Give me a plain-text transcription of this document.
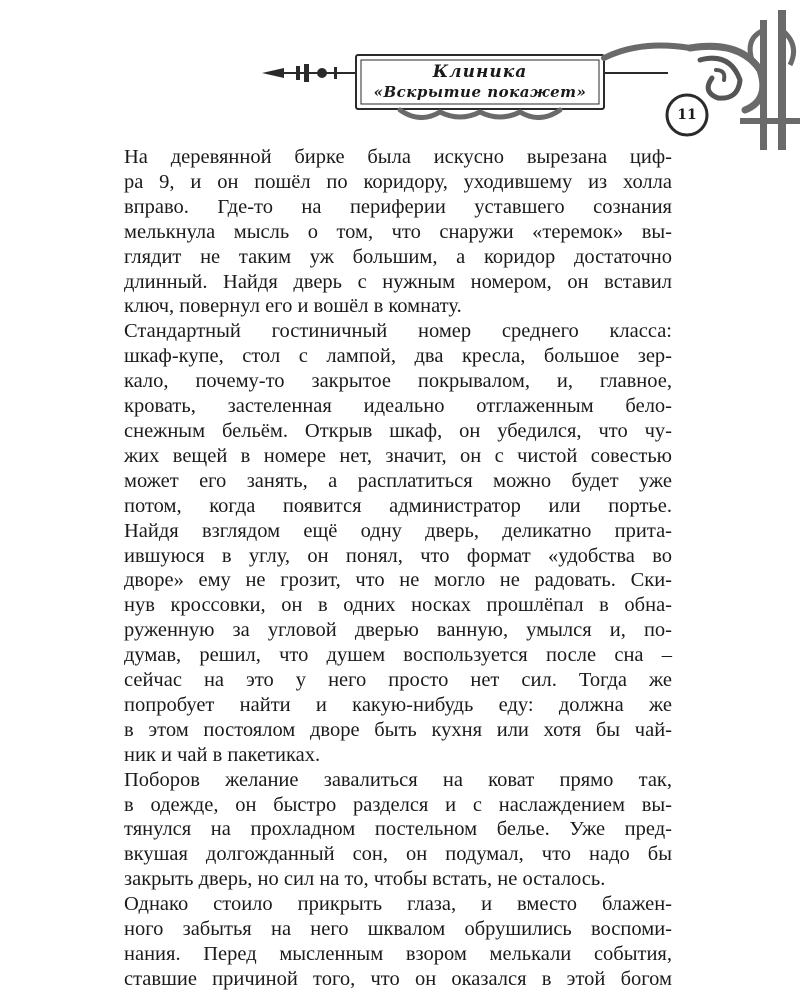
Клиника
«Вскрытие покажет»
11

На деревянной бирке была искусно вырезана циф-
ра 9, и он пошёл по коридору, уходившему из холла
вправо. Где-то на периферии уставшего сознания
мелькнула мысль о том, что снаружи «теремок» вы-
глядит не таким уж большим, а коридор достаточно
длинный. Найдя дверь с нужным номером, он вставил
ключ, повернул его и вошёл в комнату.

Стандартный гостиничный номер среднего класса:
шкаф-купе, стол с лампой, два кресла, большое зер-
кало, почему-то закрытое покрывалом, и, главное,
кровать, застеленная идеально отглаженным бело-
снежным бельём. Открыв шкаф, он убедился, что чу-
жих вещей в номере нет, значит, он с чистой совестью
может его занять, а расплатиться можно будет уже
потом, когда появится администратор или портье.
Найдя взглядом ещё одну дверь, деликатно прита-
ившуюся в углу, он понял, что формат «удобства во
дворе» ему не грозит, что не могло не радовать. Ски-
нув кроссовки, он в одних носках прошлёпал в обна-
руженную за угловой дверью ванную, умылся и, по-
думав, решил, что душем воспользуется после сна –
сейчас на это у него просто нет сил. Тогда же
попробует найти и какую-нибудь еду: должна же
в этом постоялом дворе быть кухня или хотя бы чай-
ник и чай в пакетиках.

Поборов желание завалиться на коват прямо так,
в одежде, он быстро разделся и с наслаждением вы-
тянулся на прохладном постельном белье. Уже пред-
вкушая долгожданный сон, он подумал, что надо бы
закрыть дверь, но сил на то, чтобы встать, не осталось.

Однако стоило прикрыть глаза, и вместо блажен-
ного забытья на него шквалом обрушились воспоми-
нания. Перед мысленным взором мелькали события,
ставшие причиной того, что он оказался в этой богом
